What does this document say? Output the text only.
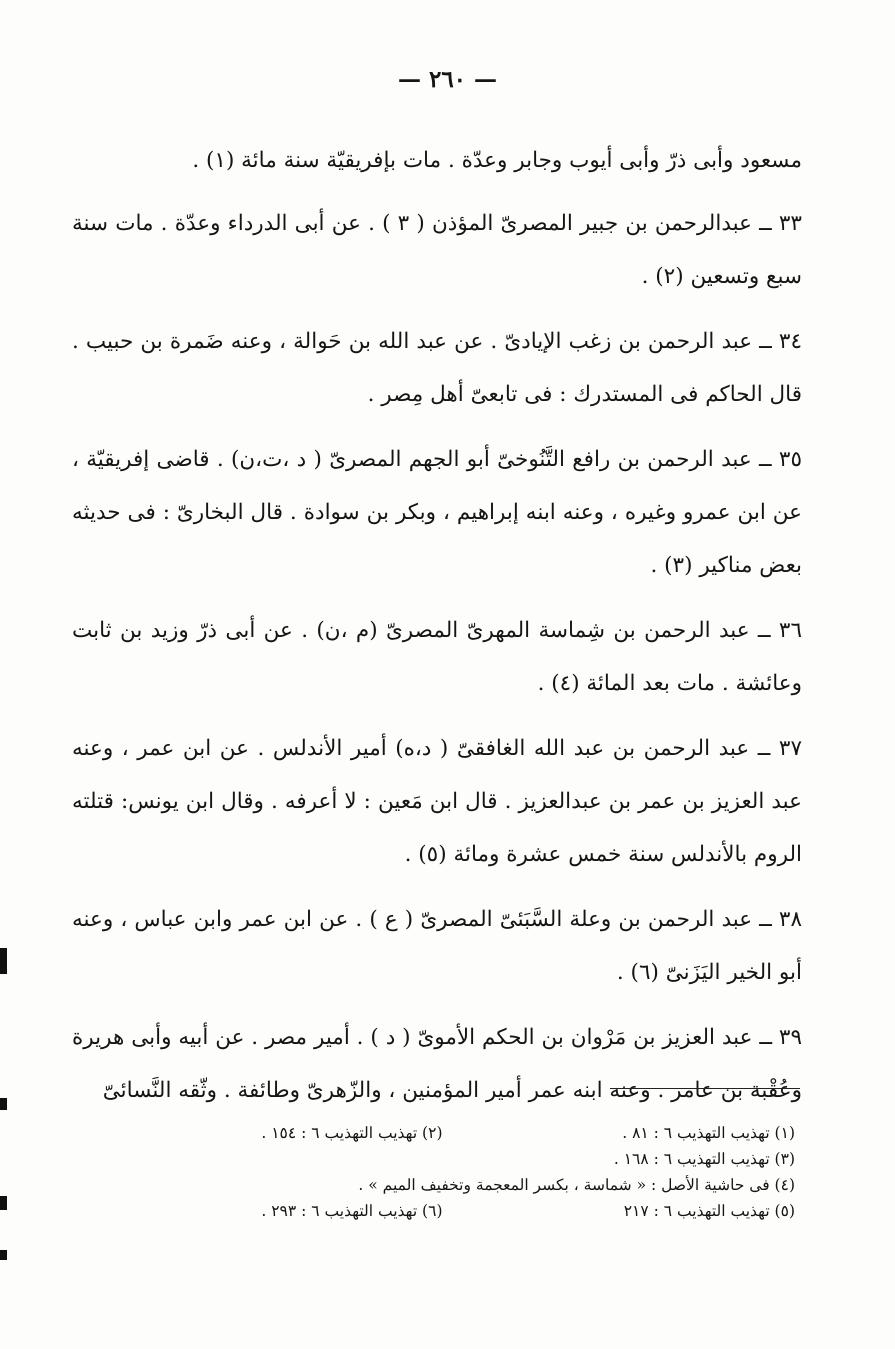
— ٢٦٠ —

مسعود وأبى ذرّ وأبى أيوب وجابر وعدّة . مات بإفريقيّة سنة مائة (١) .

٣٣ ــ عبدالرحمن بن جبير المصرىّ المؤذن ( ٣ ) . عن أبى الدرداء وعدّة . مات سنة سبع وتسعين (٢) .

٣٤ ــ عبد الرحمن بن زغب الإيادىّ . عن عبد الله بن حَوالة ، وعنه ضَمرة بن حبيب . قال الحاكم فى المستدرك : فى تابعىّ أهل مِصر .

٣٥ ــ عبد الرحمن بن رافع التَّنُوخىّ أبو الجهم المصرىّ ( د ،ت،ن) . قاضى إفريقيّة ، عن ابن عمرو وغيره ، وعنه ابنه إبراهيم ، وبكر بن سوادة . قال البخارىّ : فى حديثه بعض مناكير (٣) .

٣٦ ــ عبد الرحمن بن شِماسة المهرىّ المصرىّ (م ،ن) . عن أبى ذرّ وزيد بن ثابت وعائشة . مات بعد المائة (٤) .

٣٧ ــ عبد الرحمن بن عبد الله الغافقىّ ( د،ه) أمير الأندلس . عن ابن عمر ، وعنه عبد العزيز بن عمر بن عبدالعزيز . قال ابن مَعين : لا أعرفه . وقال ابن يونس: قتلته الروم بالأندلس سنة خمس عشرة ومائة (٥) .

٣٨ ــ عبد الرحمن بن وعلة السَّبَئىّ المصرىّ ( ع ) . عن ابن عمر وابن عباس ، وعنه أبو الخير اليَزَنىّ (٦) .

٣٩ ــ عبد العزيز بن مَرْوان بن الحكم الأموىّ ( د ) . أمير مصر . عن أبيه وأبى هريرة وعُقْبة بن عامر . وعنه ابنه عمر أمير المؤمنين ، والزّهرىّ وطائفة . وثّقه النَّسائىّ

(١) تهذيب التهذيب ٦ : ٨١ .
(٢) تهذيب التهذيب ٦ : ١٥٤ .
(٣) تهذيب التهذيب ٦ : ١٦٨ .
(٤) فى حاشية الأصل : « شماسة ، بكسر المعجمة وتخفيف الميم » .
(٥) تهذيب التهذيب ٦ : ٢١٧
(٦) تهذيب التهذيب ٦ : ٢٩٣ .
